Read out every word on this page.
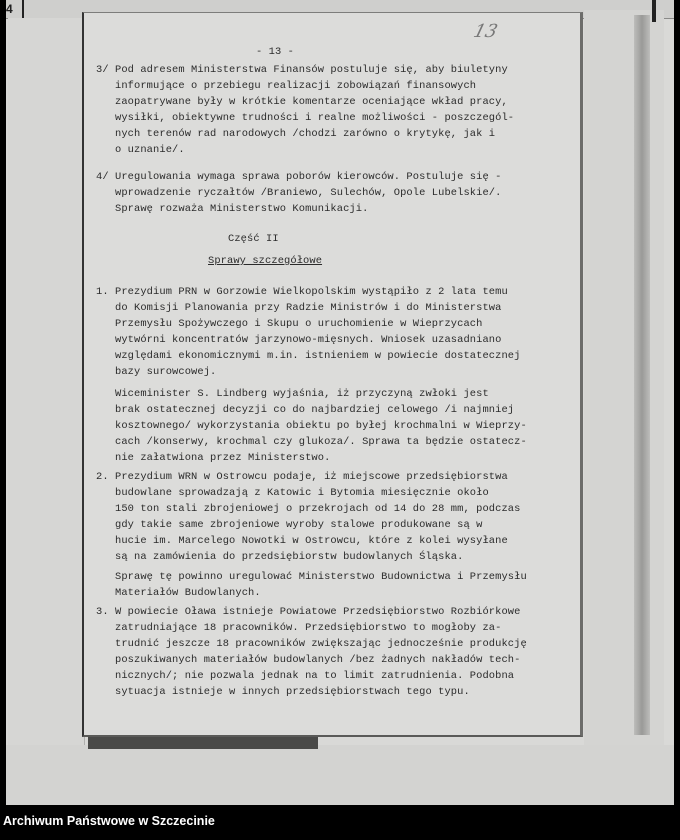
4
13
- 13 -
3/ Pod adresem Ministerstwa Finansów postuluje się, aby biuletyny
informujące o przebiegu realizacji zobowiązań finansowych
zaopatrywane były w krótkie komentarze oceniające wkład pracy,
wysiłki, obiektywne trudności i realne możliwości - poszczegól-
nych terenów rad narodowych /chodzi zarówno o krytykę, jak i
o uznanie/.
4/ Uregulowania wymaga sprawa poborów kierowców. Postuluje się -
wprowadzenie ryczałtów /Braniewo, Sulechów, Opole Lubelskie/.
Sprawę rozważa Ministerstwo Komunikacji.
Część II
Sprawy szczegółowe
1. Prezydium PRN w Gorzowie Wielkopolskim wystąpiło z 2 lata temu
do Komisji Planowania przy Radzie Ministrów i do Ministerstwa
Przemysłu Spożywczego i Skupu o uruchomienie w Wieprzycach
wytwórni koncentratów jarzynowo-mięsnych. Wniosek uzasadniano
względami ekonomicznymi m.in. istnieniem w powiecie dostatecznej
bazy surowcowej.
Wiceminister S. Lindberg wyjaśnia, iż przyczyną zwłoki jest
brak ostatecznej decyzji co do najbardziej celowego /i najmniej
kosztownego/ wykorzystania obiektu po byłej krochmalni w Wieprzy-
cach /konserwy, krochmal czy glukoza/. Sprawa ta będzie ostatecz-
nie załatwiona przez Ministerstwo.
2. Prezydium WRN w Ostrowcu podaje, iż miejscowe przedsiębiorstwa
budowlane sprowadzają z Katowic i Bytomia miesięcznie około
150 ton stali zbrojeniowej o przekrojach od 14 do 28 mm, podczas
gdy takie same zbrojeniowe wyroby stalowe produkowane są w
hucie im. Marcelego Nowotki w Ostrowcu, które z kolei wysyłane
są na zamówienia do przedsiębiorstw budowlanych Śląska.
Sprawę tę powinno uregulować Ministerstwo Budownictwa i Przemysłu
Materiałów Budowlanych.
3. W powiecie Oława istnieje Powiatowe Przedsiębiorstwo Rozbiórkowe
zatrudniające 18 pracowników. Przedsiębiorstwo to mogłoby za-
trudnić jeszcze 18 pracowników zwiększając jednocześnie produkcję
poszukiwanych materiałów budowlanych /bez żadnych nakładów tech-
nicznych/; nie pozwala jednak na to limit zatrudnienia. Podobna
sytuacja istnieje w innych przedsiębiorstwach tego typu.
Archiwum Państwowe w Szczecinie
